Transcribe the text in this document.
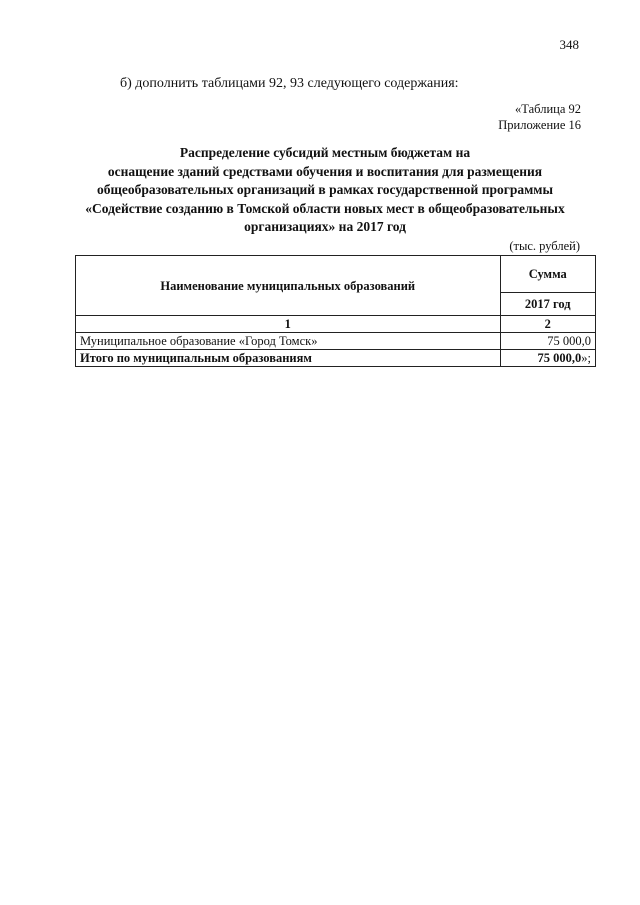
348
б) дополнить таблицами 92, 93 следующего содержания:
«Таблица 92
Приложение 16
Распределение субсидий местным бюджетам на
оснащение зданий средствами обучения и воспитания для размещения
общеобразовательных организаций в рамках государственной программы
«Содействие созданию в Томской области новых мест в общеобразовательных
организациях» на 2017 год
(тыс. рублей)
Наименование муниципальных образований	Сумма
	2017 год
1	2
Муниципальное образование «Город Томск»	75 000,0
Итого по муниципальным образованиям	75 000,0»;
